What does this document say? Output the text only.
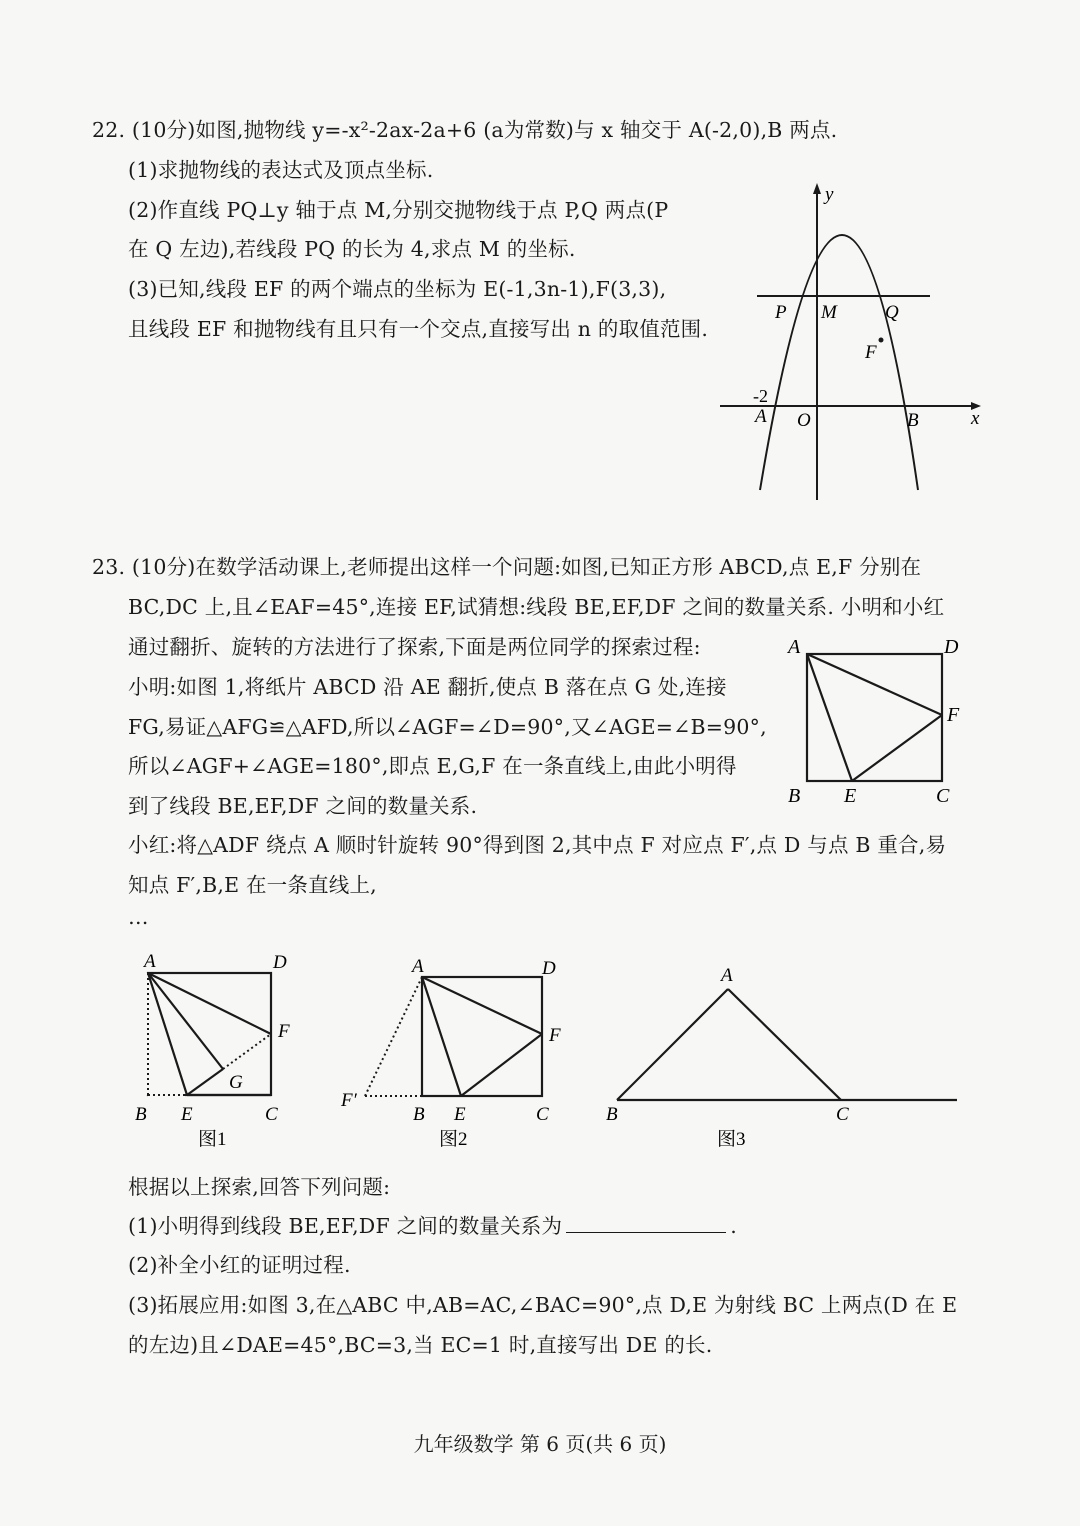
22. (10分)如图,抛物线 y=-x²-2ax-2a+6 (a为常数)与 x 轴交于 A(-2,0),B 两点.
(1)求抛物线的表达式及顶点坐标.
(2)作直线 PQ⊥y 轴于点 M,分别交抛物线于点 P,Q 两点(P
在 Q 左边),若线段 PQ 的长为 4,求点 M 的坐标.
(3)已知,线段 EF 的两个端点的坐标为 E(-1,3n-1),F(3,3),
且线段 EF 和抛物线有且只有一个交点,直接写出 n 的取值范围.
y
x
P M	Q
F
-2
A O	B
23. (10分)在数学活动课上,老师提出这样一个问题:如图,已知正方形 ABCD,点 E,F 分别在
BC,DC 上,且∠EAF=45°,连接 EF,试猜想:线段 BE,EF,DF 之间的数量关系. 小明和小红
通过翻折、旋转的方法进行了探索,下面是两位同学的探索过程:
小明:如图 1,将纸片 ABCD 沿 AE 翻折,使点 B 落在点 G 处,连接
FG,易证△AFG≌△AFD,所以∠AGF=∠D=90°,又∠AGE=∠B=90°,
所以∠AGF+∠AGE=180°,即点 E,G,F 在一条直线上,由此小明得
到了线段 BE,EF,DF 之间的数量关系.
小红:将△ADF 绕点 A 顺时针旋转 90°得到图 2,其中点 F 对应点 F′,点 D 与点 B 重合,易
知点 F′,B,E 在一条直线上,
…
A	D
F
B E	C
A	D
F
G
B E	C
图1
A	D
F
F′
B E	C
图2
A
B	C
图3
根据以上探索,回答下列问题:
(1)小明得到线段 BE,EF,DF 之间的数量关系为	.
(2)补全小红的证明过程.
(3)拓展应用:如图 3,在△ABC 中,AB=AC,∠BAC=90°,点 D,E 为射线 BC 上两点(D 在 E
的左边)且∠DAE=45°,BC=3,当 EC=1 时,直接写出 DE 的长.
九年级数学 第 6 页(共 6 页)
